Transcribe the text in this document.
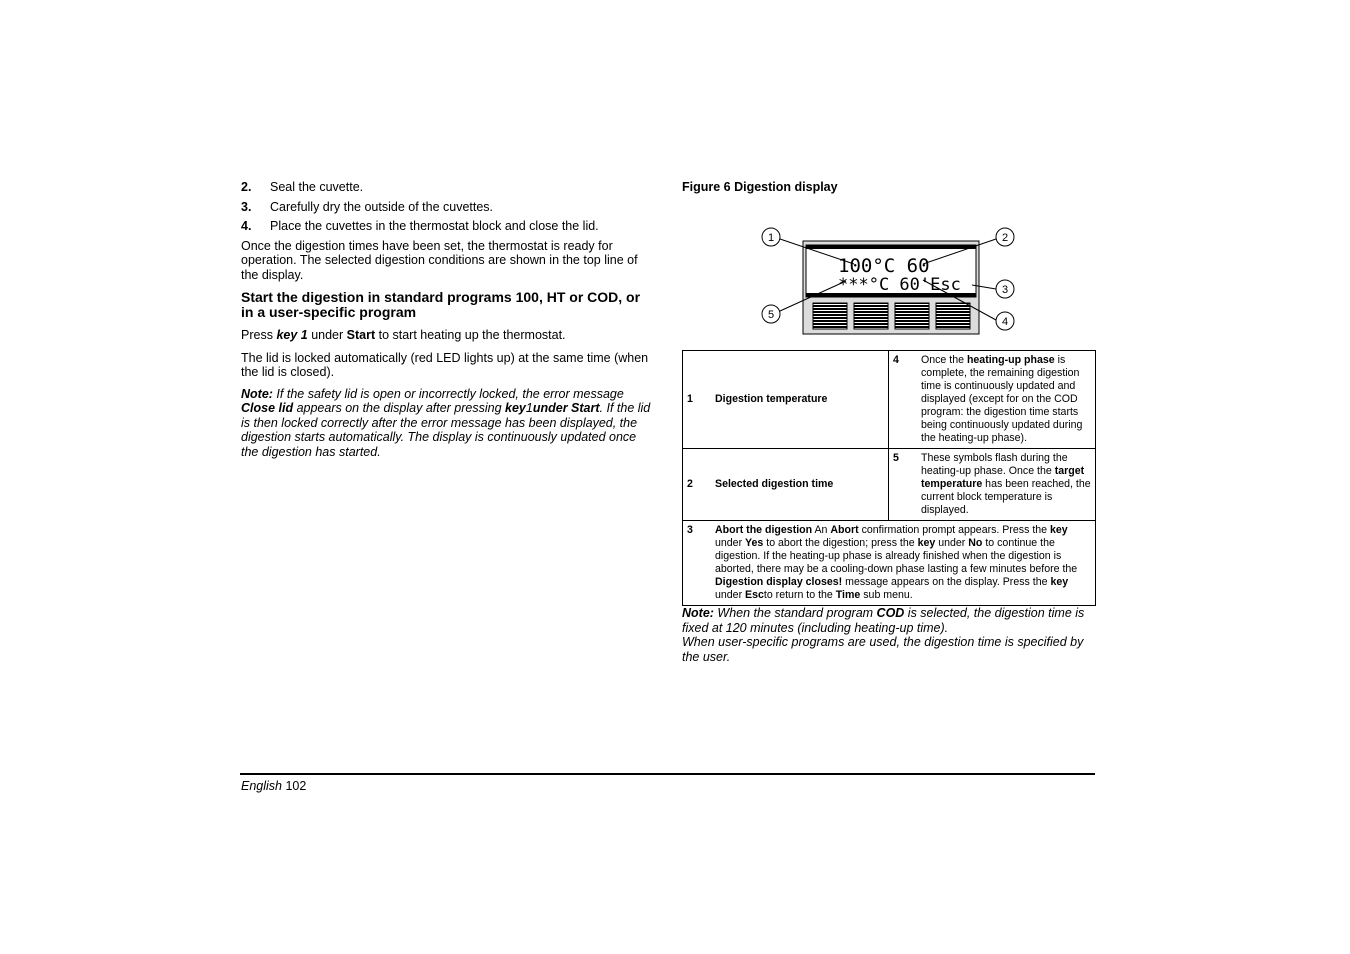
2. Seal the cuvette.
3. Carefully dry the outside of the cuvettes.
4. Place the cuvettes in the thermostat block and close the lid.

Once the digestion times have been set, the thermostat is ready for operation. The selected digestion conditions are shown in the top line of the display.

Start the digestion in standard programs 100, HT or COD, or in a user-specific program

Press key 1 under Start to start heating up the thermostat.

The lid is locked automatically (red LED lights up) at the same time (when the lid is closed).

Note: If the safety lid is open or incorrectly locked, the error message Close lid appears on the display after pressing key1under Start. If the lid is then locked correctly after the error message has been displayed, the digestion starts automatically. The display is continuously updated once the digestion has started.

Figure 6 Digestion display
100°C 60
***°C 60'Esc
1	2
3
4
5
1 Digestion temperature	4 Once the heating-up phase is complete, the remaining digestion time is continuously updated and displayed (except for on the COD program: the digestion time starts being continuously updated during the heating-up phase).

2 Selected digestion time	5 These symbols flash during the heating-up phase. Once the target temperature has been reached, the current block temperature is displayed.

3 Abort the digestion An Abort confirmation prompt appears. Press the key under Yes to abort the digestion; press the key under No to continue the digestion. If the heating-up phase is already finished when the digestion is aborted, there may be a cooling-down phase lasting a few minutes before the Digestion display closes! message appears on the display. Press the key under Escto return to the Time sub menu.	

Note: When the standard program COD is selected, the digestion time is fixed at 120 minutes (including heating-up time).

When user-specific programs are used, the digestion time is specified by the user.

English 102
